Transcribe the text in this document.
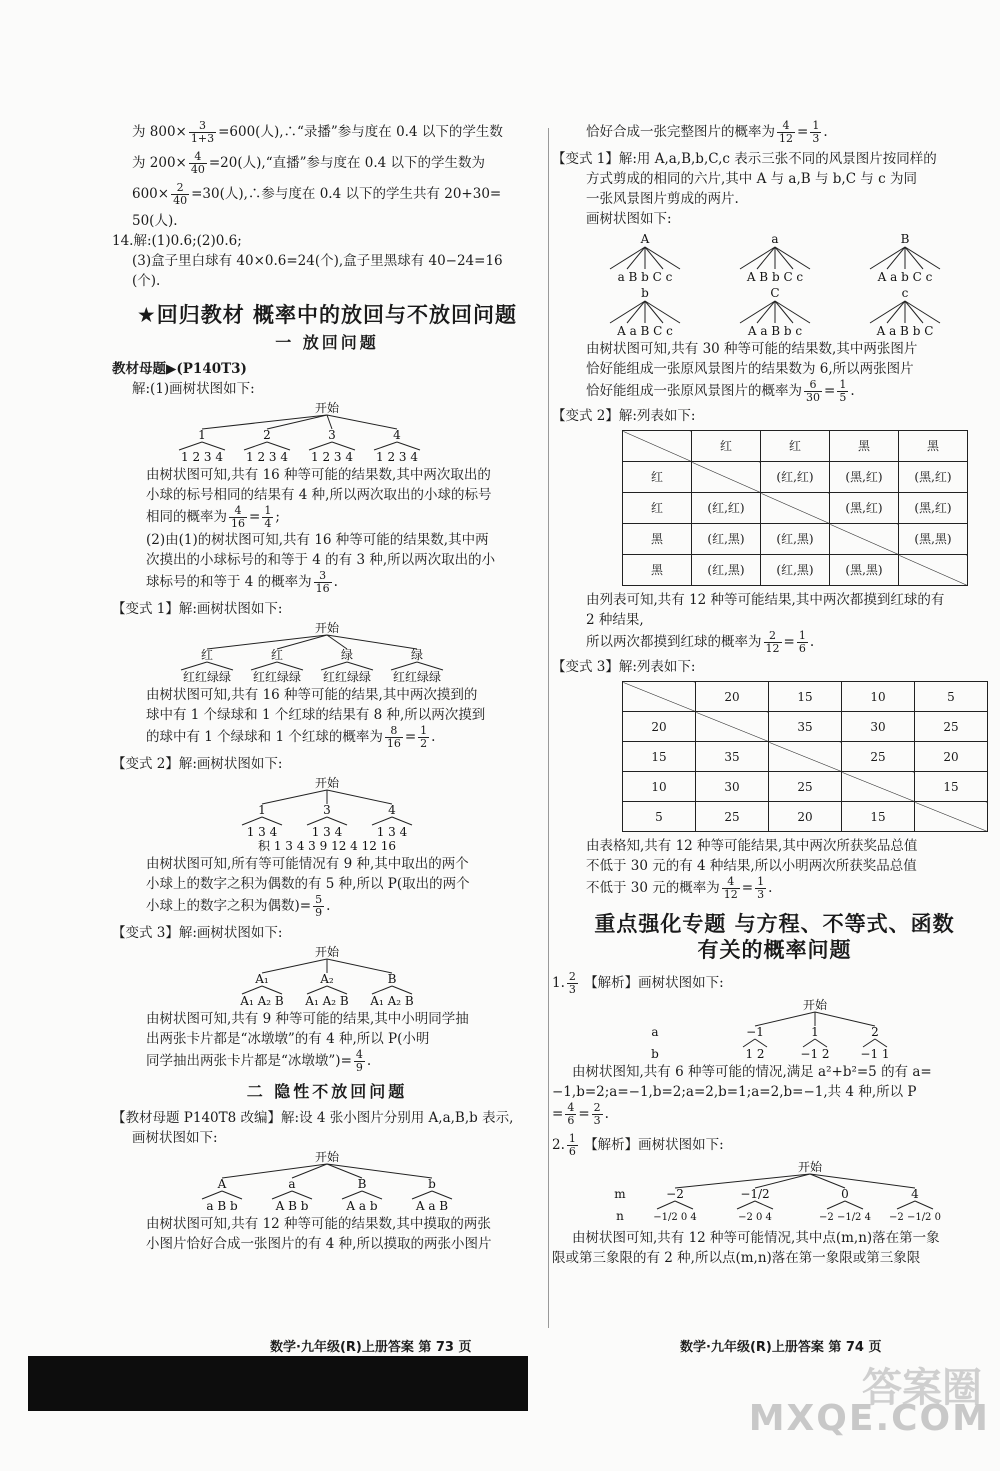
为 $800\times \frac{3}{1+3} =600$(人),∴“录播”参与度在 0.4 以下的学生数

为 $200\times \frac{4}{40} =20$(人),“直播”参与度在 0.4 以下的学生数为

$600\times \frac{2}{40} =30$(人),∴参与度在 0.4 以下的学生共有 20+30=

50(人).

14.解:(1)0.6;(2)0.6;

(3)盒子里白球有 40×0.6=24(个),盒子里黑球有 40−24=16

(个).

★回归教材 概率中的放回与不放回问题
一 放回问题

教材母题▶(P140T3)

解:(1)画树状图如下:

开始
1	2	3	4
1 2 3 4 1 2 3 4 1 2 3 4 1 2 3 4

由树状图可知,共有 16 种等可能的结果数,其中两次取出的

小球的标号相同的结果有 4 种,所以两次取出的小球的标号

相同的概率为 $\frac{4}{16} = \frac{1}{4}$ ;

(2)由(1)的树状图可知,共有 16 种等可能的结果数,其中两

次摸出的小球标号的和等于 4 的有 3 种,所以两次取出的小

球标号的和等于 4 的概率为 $\frac{3}{16}$ .

【变式 1】解:画树状图如下:

开始
红	红	绿	绿
红红绿绿 红红绿绿 红红绿绿 红红绿绿

由树状图可知,共有 16 种等可能的结果,其中两次摸到的

球中有 1 个绿球和 1 个红球的结果有 8 种,所以两次摸到

的球中有 1 个绿球和 1 个红球的概率为 $\frac{8}{16} = \frac{1}{2}$ .

【变式 2】解:画树状图如下:

开始
1	3	4
1 3 4	1 3 4	1 3 4
积 1 3 4 3 9 12 4 12 16

由树状图可知,所有等可能情况有 9 种,其中取出的两个

小球上的数字之积为偶数的有 5 种,所以 P(取出的两个

小球上的数字之积为偶数)= $\frac{5}{9}$ .

【变式 3】解:画树状图如下:

开始
A₁	A₂	B
A₁ A₂ B A₁ A₂ B A₁ A₂ B

由树状图可知,共有 9 种等可能的结果,其中小明同学抽

出两张卡片都是“冰墩墩”的有 4 种,所以 P(小明

同学抽出两张卡片都是“冰墩墩”)= $\frac{4}{9}$ .

二 隐性不放回问题

【教材母题 P140T8 改编】解:设 4 张小图片分别用 A,a,B,b 表示,

画树状图如下:

开始
A	a	B	b
a B b	A B b	A a b	A a B

由树状图可知,共有 12 种等可能的结果数,其中摸取的两张

小图片恰好合成一张图片的有 4 种,所以摸取的两张小图片

恰好合成一张完整图片的概率为 $\frac{4}{12} = \frac{1}{3}$ .

【变式 1】解:用 A,a,B,b,C,c 表示三张不同的风景图片按同样的

方式剪成的相同的六片,其中 A 与 a,B 与 b,C 与 c 为同

一张风景图片剪成的两片.

画树状图如下:

A	a	B
a B b C c	A B b C c	A a b C c
b	C	c
A a B C c	A a B b c	A a B b C

由树状图可知,共有 30 种等可能的结果数,其中两张图片

恰好能组成一张原风景图片的结果数为 6,所以两张图片

恰好能组成一张原风景图片的概率为 $\frac{6}{30} = \frac{1}{5}$ .

【变式 2】解:列表如下:

	红	红	黑	黑
红		(红,红)	(黑,红)	(黑,红)
红	(红,红)		(黑,红)	(黑,红)
黑	(红,黑)	(红,黑)		(黑,黑)
黑	(红,黑)	(红,黑)	(黑,黑)	

由列表可知,共有 12 种等可能结果,其中两次都摸到红球的有

2 种结果,

所以两次都摸到红球的概率为 $\frac{2}{12} = \frac{1}{6}$ .

【变式 3】解:列表如下:

	20	15	10	5
20		35	30	25
15	35		25	20
10	30	25		15
5	25	20	15	

由表格知,共有 12 种等可能结果,其中两次所获奖品总值

不低于 30 元的有 4 种结果,所以小明两次所获奖品总值

不低于 30 元的概率为 $\frac{4}{12} = \frac{1}{3}$ .

重点强化专题 与方程、不等式、函数
有关的概率问题

1. $\frac{2}{3}$ 【解析】画树状图如下:

开始
a
b
−1	1	2
1 2	−1 2	−1 1

由树状图知,共有 6 种等可能的情况,满足 a²+b²=5 的有 a=

−1,b=2;a=−1,b=2;a=2,b=1;a=2,b=−1,共 4 种,所以 P

= $\frac{4}{6} = \frac{2}{3}$ .

2. $\frac{1}{6}$ 【解析】画树状图如下:

开始
m
n
−2	−1/2	0	4
−1/2 0 4	−2 0 4	−2 −1/2 4 −2 −1/2 0

由树状图可知,共有 12 种等可能情况,其中点(m,n)落在第一象

限或第三象限的有 2 种,所以点(m,n)落在第一象限或第三象限

数学·九年级(R)上册答案 第 73 页	数学·九年级(R)上册答案 第 74 页
答案圈
MXQE.COM
